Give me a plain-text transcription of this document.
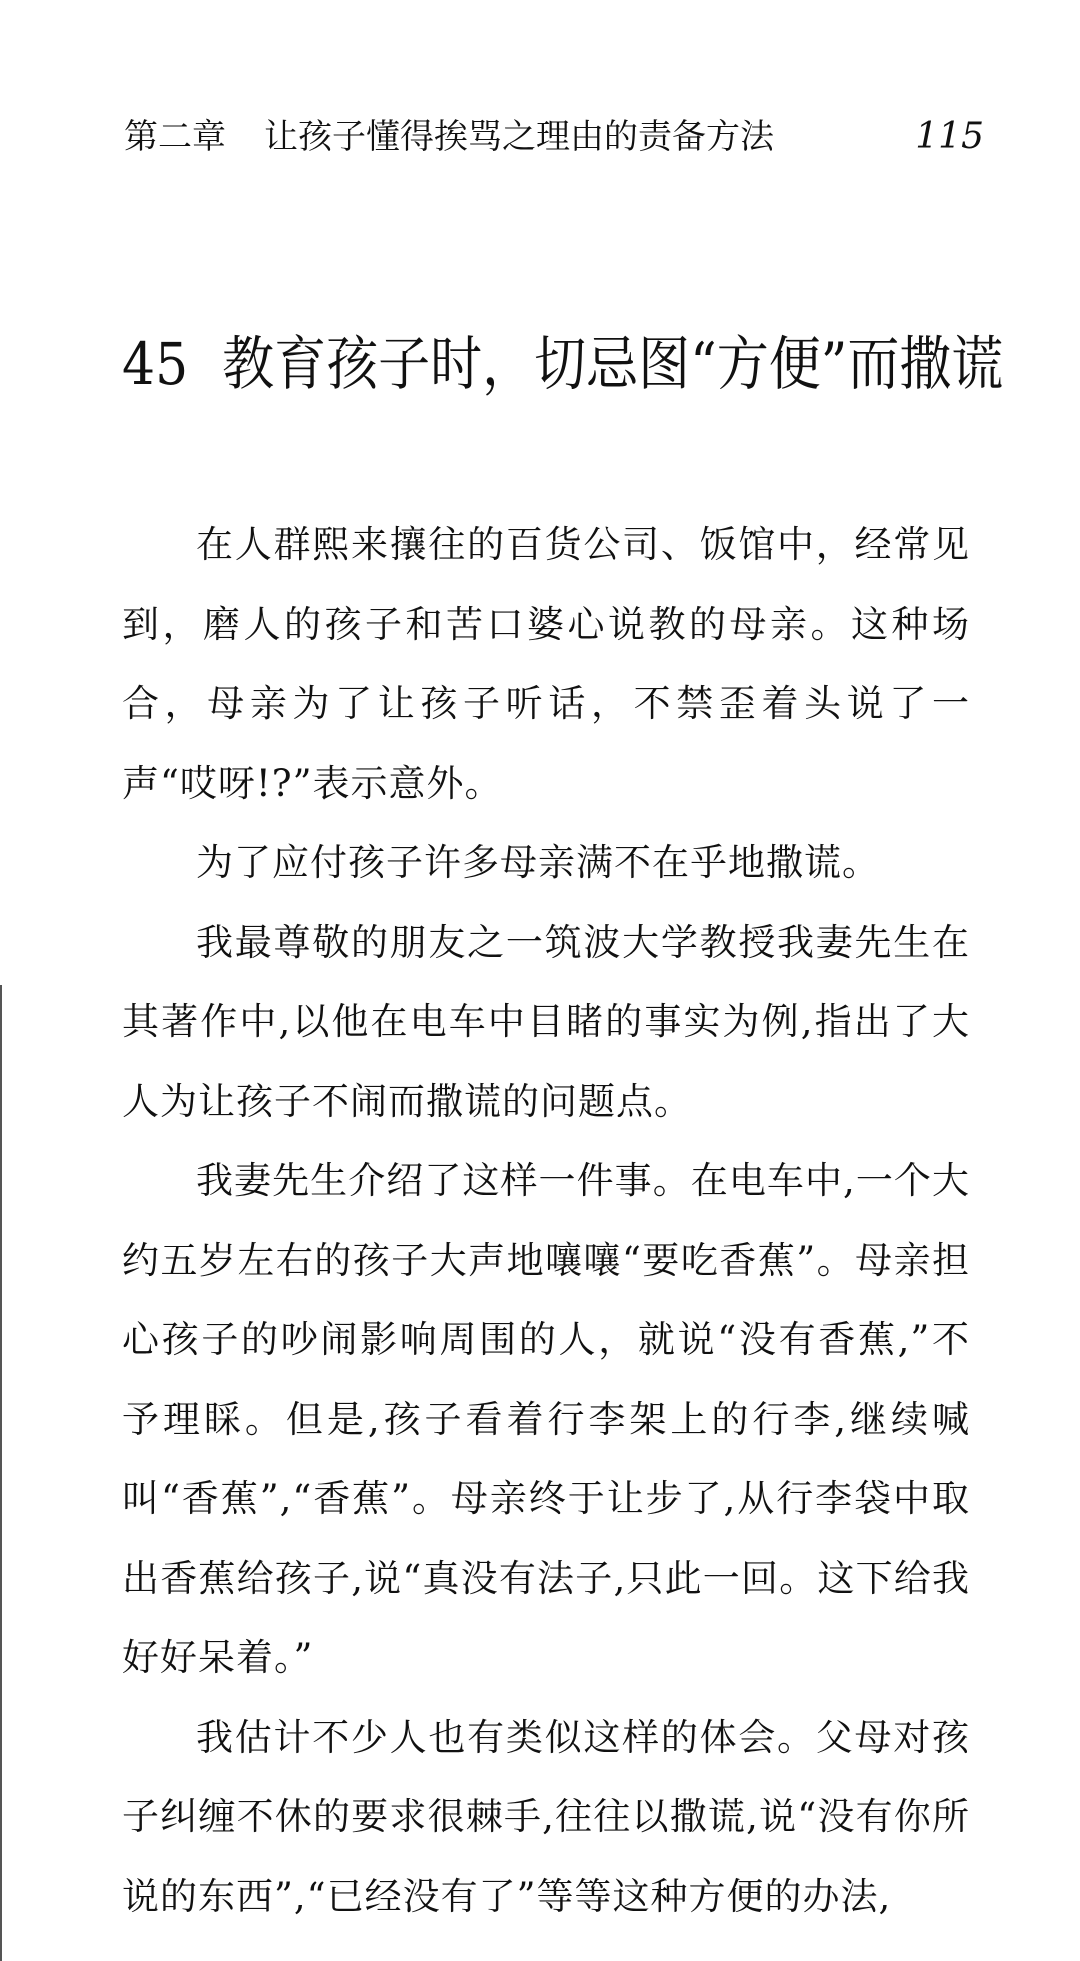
第二章 让孩子懂得挨骂之理由的责备方法	115
45 教育孩子时，切忌图“方便”而撒谎

在人群熙来攘往的百货公司、饭馆中，经常见到，磨人的孩子和苦口婆心说教的母亲。这种场合，母亲为了让孩子听话，不禁歪着头说了一声“哎呀!?”表示意外。

为了应付孩子许多母亲满不在乎地撒谎。

我最尊敬的朋友之一筑波大学教授我妻先生在其著作中,以他在电车中目睹的事实为例,指出了大人为让孩子不闹而撒谎的问题点。

我妻先生介绍了这样一件事。在电车中,一个大约五岁左右的孩子大声地嚷嚷“要吃香蕉”。母亲担心孩子的吵闹影响周围的人，就说“没有香蕉,”不予理睬。但是,孩子看着行李架上的行李,继续喊叫“香蕉”,“香蕉”。母亲终于让步了,从行李袋中取出香蕉给孩子,说“真没有法子,只此一回。这下给我好好呆着。”

我估计不少人也有类似这样的体会。父母对孩子纠缠不休的要求很棘手,往往以撒谎,说“没有你所说的东西”,“已经没有了”等等这种方便的办法,
